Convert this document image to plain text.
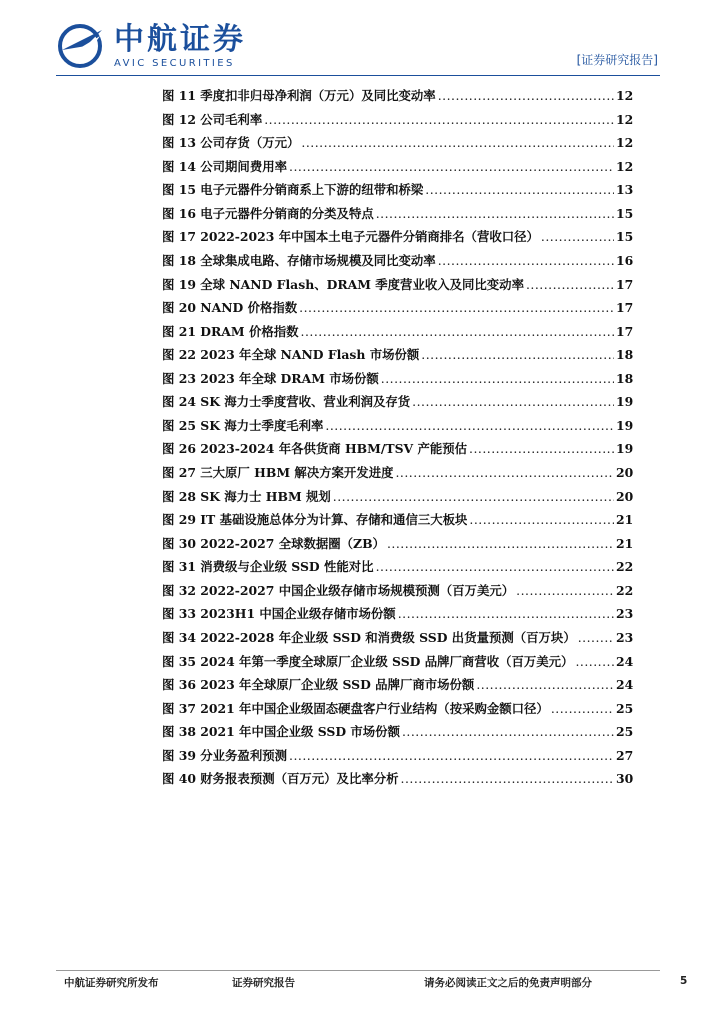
中航证券
AVIC SECURITIES	[证券研究报告]
图 11 季度扣非归母净利润（万元）及同比变动率 .....	12
图 12 公司毛利率 .....	12
图 13 公司存货（万元） .....	12
图 14 公司期间费用率 .....	12
图 15 电子元器件分销商系上下游的纽带和桥梁 .....	13
图 16 电子元器件分销商的分类及特点 .....	15
图 17 2022-2023 年中国本土电子元器件分销商排名（营收口径） .....	15
图 18 全球集成电路、存储市场规模及同比变动率 .....	16
图 19 全球 NAND Flash、DRAM 季度营业收入及同比变动率 .....	17
图 20 NAND 价格指数 .....	17
图 21 DRAM 价格指数 .....	17
图 22 2023 年全球 NAND Flash 市场份额 .....	18
图 23 2023 年全球 DRAM 市场份额 .....	18
图 24 SK 海力士季度营收、营业利润及存货 .....	19
图 25 SK 海力士季度毛利率 .....	19
图 26 2023-2024 年各供货商 HBM/TSV 产能预估 .....	19
图 27 三大原厂 HBM 解决方案开发进度 .....	20
图 28 SK 海力士 HBM 规划 .....	20
图 29 IT 基础设施总体分为计算、存储和通信三大板块 .....	21
图 30 2022-2027 全球数据圈（ZB） .....	21
图 31 消费级与企业级 SSD 性能对比 .....	22
图 32 2022-2027 中国企业级存储市场规模预测（百万美元） .....	22
图 33 2023H1 中国企业级存储市场份额 .....	23
图 34 2022-2028 年企业级 SSD 和消费级 SSD 出货量预测（百万块） .....	23
图 35 2024 年第一季度全球原厂企业级 SSD 品牌厂商营收（百万美元） .....	24
图 36 2023 年全球原厂企业级 SSD 品牌厂商市场份额 .....	24
图 37 2021 年中国企业级固态硬盘客户行业结构（按采购金额口径） .....	25
图 38 2021 年中国企业级 SSD 市场份额 .....	25
图 39 分业务盈利预测 .....	27
图 40 财务报表预测（百万元）及比率分析 .....	30
中航证券研究所发布	证券研究报告	请务必阅读正文之后的免责声明部分	5
